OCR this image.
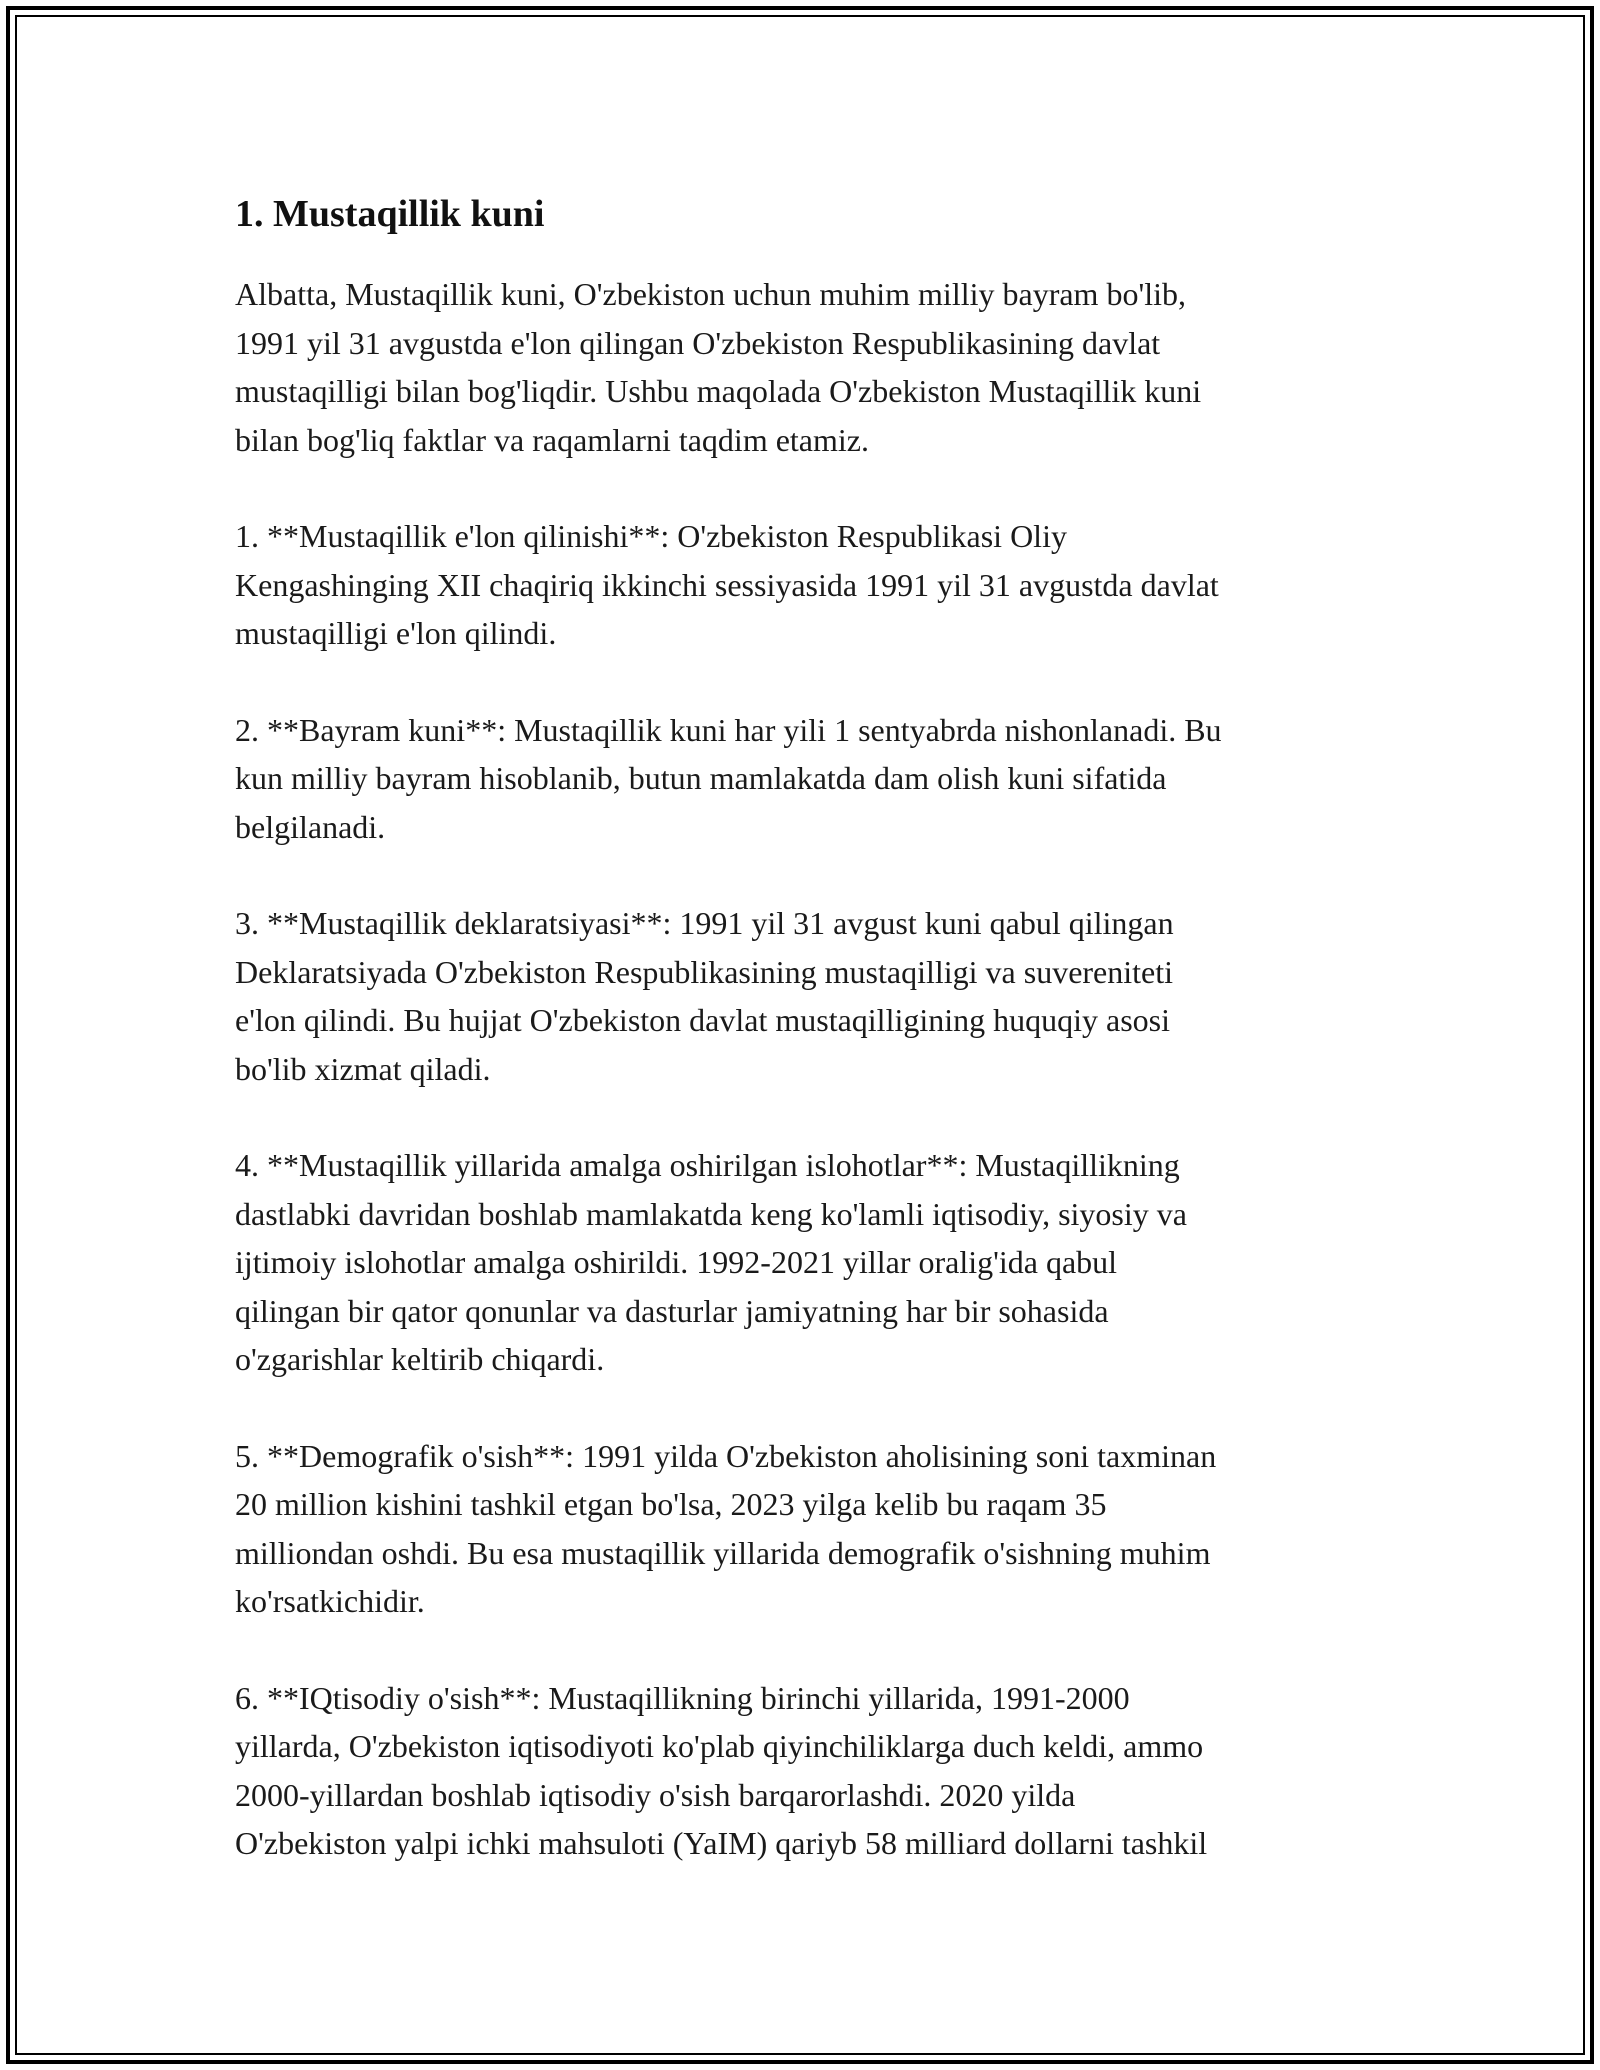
1. Mustaqillik kuni
Albatta, Mustaqillik kuni, O'zbekiston uchun muhim milliy bayram bo'lib,
1991 yil 31 avgustda e'lon qilingan O'zbekiston Respublikasining davlat
mustaqilligi bilan bog'liqdir. Ushbu maqolada O'zbekiston Mustaqillik kuni
bilan bog'liq faktlar va raqamlarni taqdim etamiz.
1. **Mustaqillik e'lon qilinishi**: O'zbekiston Respublikasi Oliy
Kengashinging XII chaqiriq ikkinchi sessiyasida 1991 yil 31 avgustda davlat
mustaqilligi e'lon qilindi.
2. **Bayram kuni**: Mustaqillik kuni har yili 1 sentyabrda nishonlanadi. Bu
kun milliy bayram hisoblanib, butun mamlakatda dam olish kuni sifatida
belgilanadi.
3. **Mustaqillik deklaratsiyasi**: 1991 yil 31 avgust kuni qabul qilingan
Deklaratsiyada O'zbekiston Respublikasining mustaqilligi va suvereniteti
e'lon qilindi. Bu hujjat O'zbekiston davlat mustaqilligining huquqiy asosi
bo'lib xizmat qiladi.
4. **Mustaqillik yillarida amalga oshirilgan islohotlar**: Mustaqillikning
dastlabki davridan boshlab mamlakatda keng ko'lamli iqtisodiy, siyosiy va
ijtimoiy islohotlar amalga oshirildi. 1992-2021 yillar oralig'ida qabul
qilingan bir qator qonunlar va dasturlar jamiyatning har bir sohasida
o'zgarishlar keltirib chiqardi.
5. **Demografik o'sish**: 1991 yilda O'zbekiston aholisining soni taxminan
20 million kishini tashkil etgan bo'lsa, 2023 yilga kelib bu raqam 35
milliondan oshdi. Bu esa mustaqillik yillarida demografik o'sishning muhim
ko'rsatkichidir.
6. **IQtisodiy o'sish**: Mustaqillikning birinchi yillarida, 1991-2000
yillarda, O'zbekiston iqtisodiyoti ko'plab qiyinchiliklarga duch keldi, ammo
2000-yillardan boshlab iqtisodiy o'sish barqarorlashdi. 2020 yilda
O'zbekiston yalpi ichki mahsuloti (YaIM) qariyb 58 milliard dollarni tashkil
